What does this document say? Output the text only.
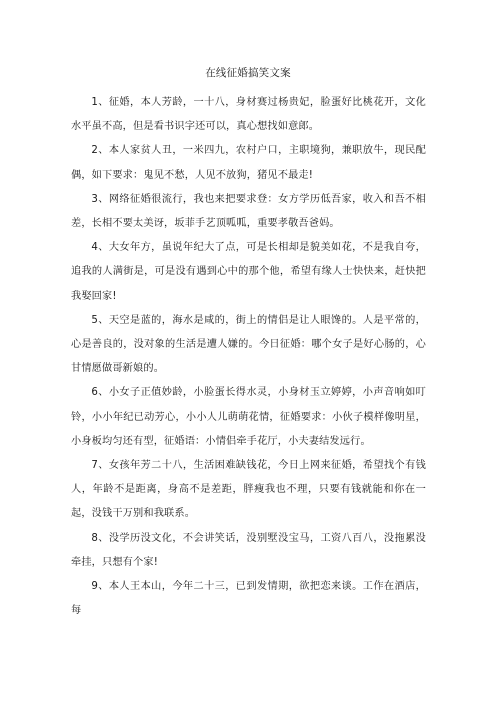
在线征婚搞笑文案

1、征婚，本人芳龄，一十八，身材赛过杨贵妃，脸蛋好比桃花开，文化水平虽不高，但是看书识字还可以，真心想找如意郎。

2、本人家贫人丑，一米四九，农村户口，主职境狗，兼职放牛，现民配偶，如下要求：鬼见不愁，人见不放狗，猪见不最走!

3、网络征婚很流行，我也来把要求登：女方学历低吾家，收入和吾不相差，长相不要太美讶，坂菲手艺顶呱呱，重要孝敬吾爸妈。

4、大女年方，虽说年纪大了点，可是长相却是貌美如花，不是我自夸，追我的人满街是，可是没有遇到心中的那个他，希望有缘人士快快来，赶快把我娶回家!

5、天空是蓝的，海水是咸的，街上的情侣是让人眼馋的。人是平常的，心是善良的，没对象的生活是遭人嫌的。今日征婚：哪个女子是好心肠的，心甘情愿做哥新娘的。

6、小女子正值妙龄，小脸蛋长得水灵，小身材玉立婷婷，小声音响如叮铃，小小年纪已动芳心，小小人儿萌萌花情，征婚要求：小伙子模样像明星，小身板均匀还有型，征婚语：小情侣牵手花厅，小夫妻结发远行。

7、女孩年芳二十八，生活困难缺钱花，今日上网来征婚，希望找个有钱人，年龄不是距离，身高不是差距，胖瘦我也不理，只要有钱就能和你在一起，没钱干万别和我联系。

8、没学历没文化，不会讲笑话，没别墅没宝马，工资八百八，没拖累没牵挂，只想有个家!

9、本人王本山，今年二十三，已到发情期，欲把恋来谈。工作在酒店，每
